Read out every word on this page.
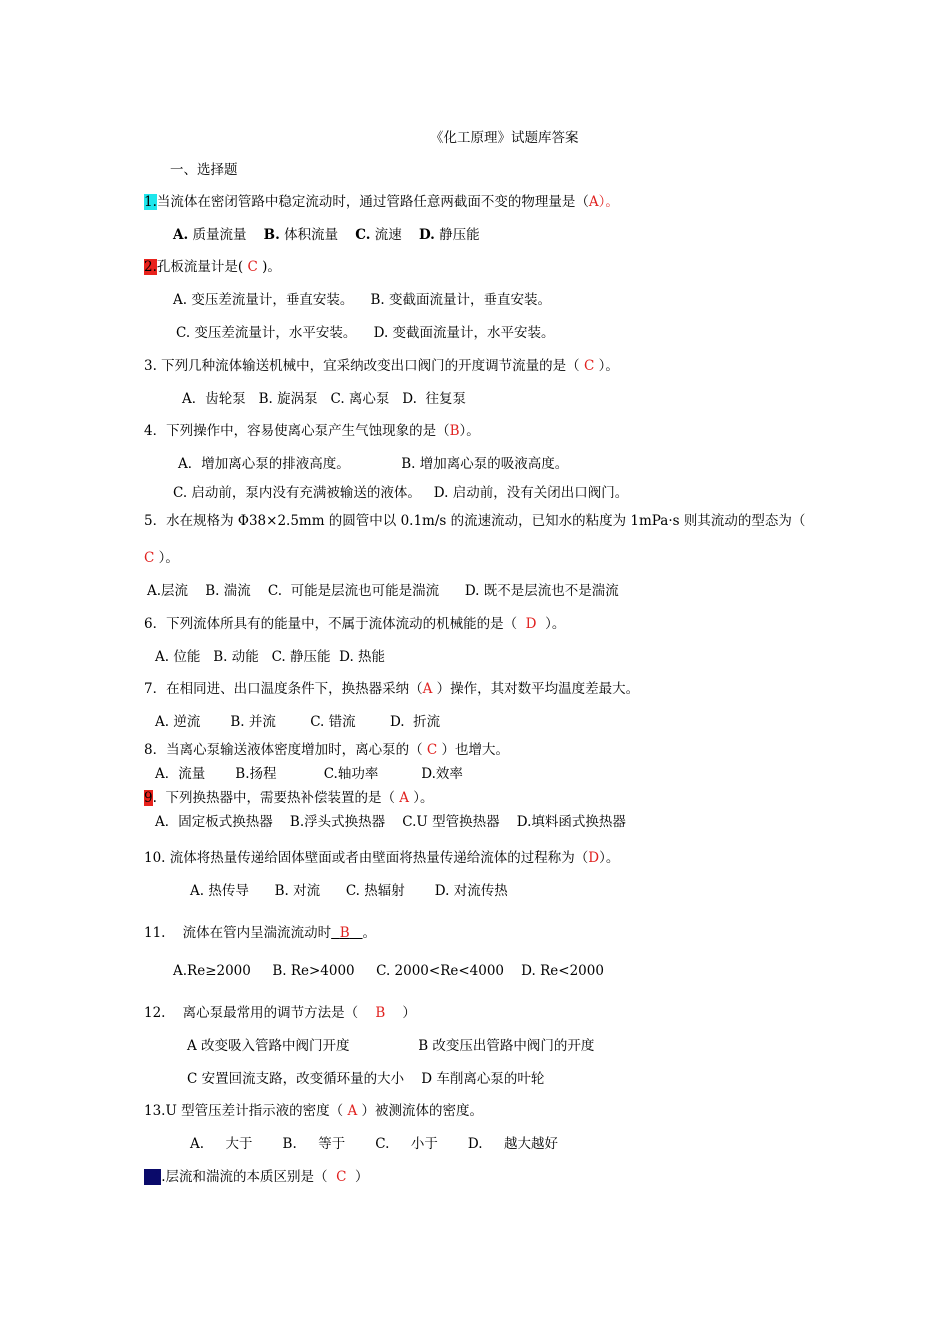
《化工原理》试题库答案
一、选择题
1.当流体在密闭管路中稳定流动时，通过管路任意两截面不变的物理量是（A）。
A. 质量流量 B. 体积流量 C. 流速 D. 静压能
2.孔板流量计是( C )。
A. 变压差流量计，垂直安装。    B. 变截面流量计，垂直安装。
C. 变压差流量计，水平安装。    D. 变截面流量计，水平安装。
3. 下列几种流体输送机械中，宜采纳改变出口阀门的开度调节流量的是（ C ）。
A．齿轮泵   B. 旋涡泵   C. 离心泵   D.  往复泵
4．下列操作中，容易使离心泵产生气蚀现象的是（B）。
A．增加离心泵的排液高度。            B. 增加离心泵的吸液高度。
C. 启动前，泵内没有充满被输送的液体。   D. 启动前，没有关闭出口阀门。
5．水在规格为 Φ38×2.5mm 的圆管中以 0.1m/s 的流速流动，已知水的粘度为 1mPa·s 则其流动的型态为（
C ）。
A.层流    B. 湍流    C.  可能是层流也可能是湍流      D. 既不是层流也不是湍流
6．下列流体所具有的能量中，不属于流体流动的机械能的是（  D  ）。
A. 位能   B. 动能   C. 静压能  D. 热能
7．在相同进、出口温度条件下，换热器采纳（A ）操作，其对数平均温度差最大。
A. 逆流       B. 并流        C. 错流        D.  折流
8．当离心泵输送液体密度增加时，离心泵的（ C ）也增大。
A．流量       B.扬程           C.轴功率          D.效率
9.  下列换热器中，需要热补偿装置的是（ A ）。
A．固定板式换热器    B.浮头式换热器    C.U 型管换热器    D.填料函式换热器
10. 流体将热量传递给固体壁面或者由壁面将热量传递给流体的过程称为（D）。
A. 热传导      B. 对流      C. 热辐射       D. 对流传热
11.    流体在管内呈湍流流动时 B 。
A.Re≥2000     B. Re>4000     C. 2000<Re<4000    D. Re<2000
12.    离心泵最常用的调节方法是（    B    ）
A 改变吸入管路中阀门开度                B 改变压出管路中阀门的开度
C 安置回流支路，改变循环量的大小    D 车削离心泵的叶轮
13.U 型管压差计指示液的密度（ A ）被测流体的密度。
A.     大于       B.     等于       C.     小于       D.     越大越好
14.层流和湍流的本质区别是（  C  ）
